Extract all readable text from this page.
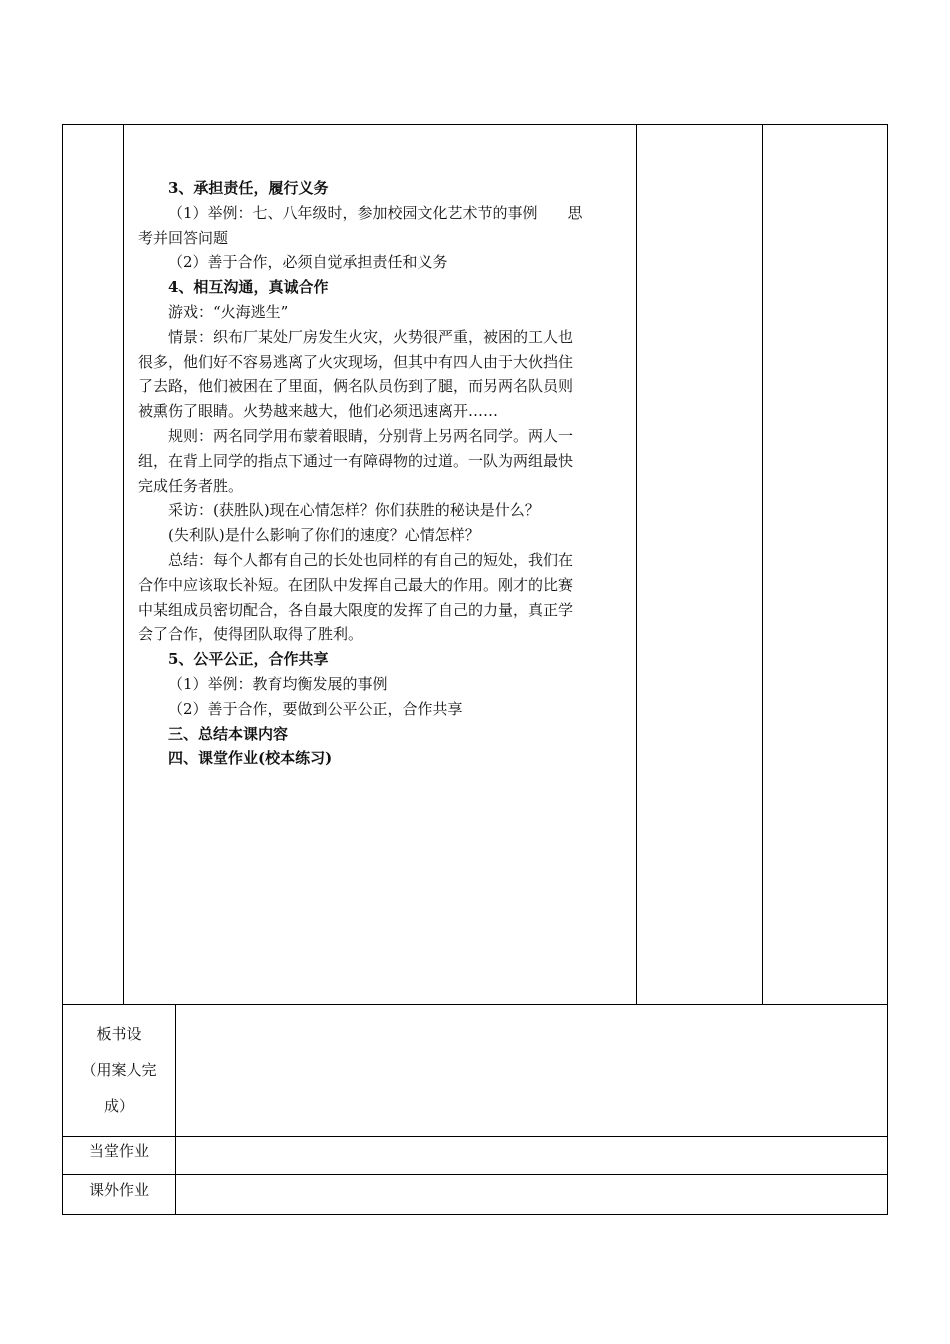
3、承担责任，履行义务

（1）举例：七、八年级时，参加校园文化艺术节的事例　　思

考并回答问题

（2）善于合作，必须自觉承担责任和义务

4、相互沟通，真诚合作

游戏：“火海逃生”

情景：织布厂某处厂房发生火灾，火势很严重，被困的工人也

很多，他们好不容易逃离了火灾现场，但其中有四人由于大伙挡住

了去路，他们被困在了里面，俩名队员伤到了腿，而另两名队员则

被熏伤了眼睛。火势越来越大，他们必须迅速离开……

规则：两名同学用布蒙着眼睛，分别背上另两名同学。两人一

组，在背上同学的指点下通过一有障碍物的过道。一队为两组最快

完成任务者胜。

采访：(获胜队)现在心情怎样？你们获胜的秘诀是什么？

(失利队)是什么影响了你们的速度？心情怎样？

总结：每个人都有自己的长处也同样的有自己的短处，我们在

合作中应该取长补短。在团队中发挥自己最大的作用。刚才的比赛

中某组成员密切配合，各自最大限度的发挥了自己的力量，真正学

会了合作，使得团队取得了胜利。

5、公平公正，合作共享

（1）举例：教育均衡发展的事例

（2）善于合作，要做到公平公正，合作共享

三、总结本课内容

四、课堂作业(校本练习)

板书设
（用案人完
成）
当堂作业
课外作业
